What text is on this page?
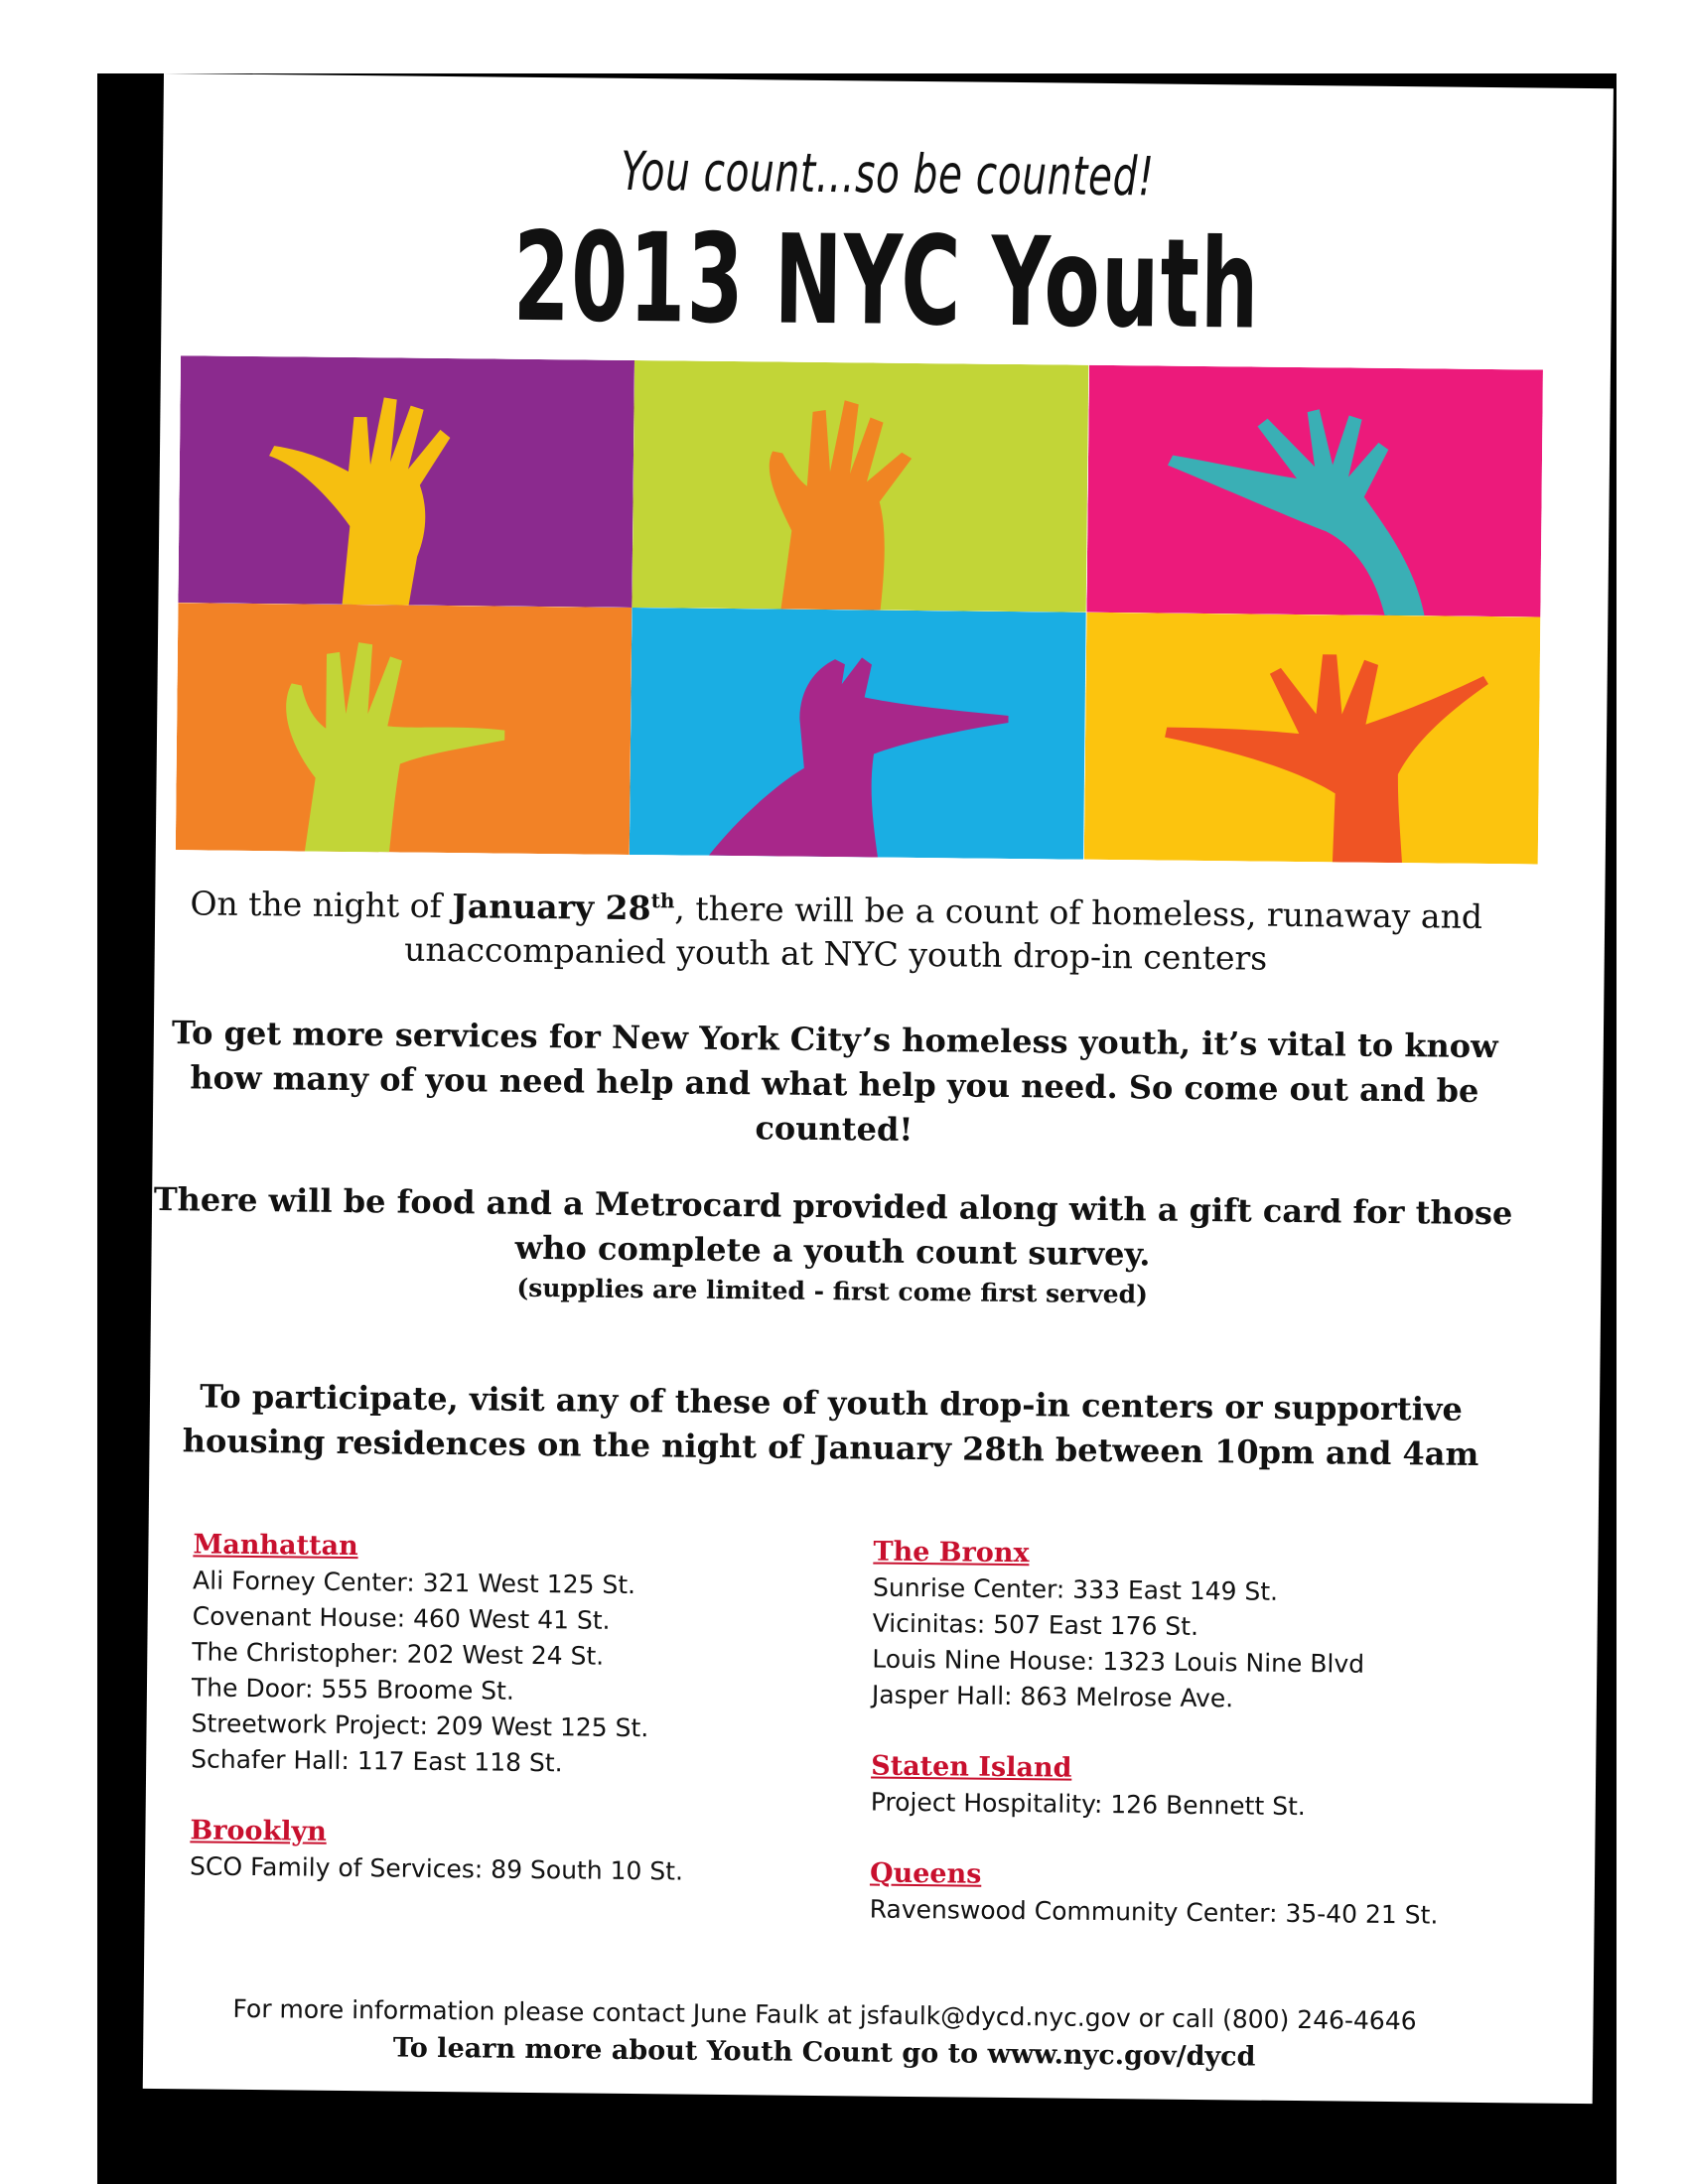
You count...so be counted!
2013 NYC Youth
On the night of January 28th, there will be a count of homeless, runaway and unaccompanied youth at NYC youth drop-in centers
To get more services for New York City’s homeless youth, it’s vital to know how many of you need help and what help you need. So come out and be counted!
There will be food and a Metrocard provided along with a gift card for those who complete a youth count survey.
(supplies are limited - first come first served)
To participate, visit any of these of youth drop-in centers or supportive housing residences on the night of January 28th between 10pm and 4am
Manhattan
Ali Forney Center: 321 West 125 St.
Covenant House: 460 West 41 St.
The Christopher: 202 West 24 St.
The Door: 555 Broome St.
Streetwork Project: 209 West 125 St.
Schafer Hall: 117 East 118 St.
Brooklyn
SCO Family of Services: 89 South 10 St.
The Bronx
Sunrise Center: 333 East 149 St.
Vicinitas: 507 East 176 St.
Louis Nine House: 1323 Louis Nine Blvd
Jasper Hall: 863 Melrose Ave.
Staten Island
Project Hospitality: 126 Bennett St.
Queens
Ravenswood Community Center: 35-40 21 St.
For more information please contact June Faulk at jsfaulk@dycd.nyc.gov or call (800) 246-4646
To learn more about Youth Count go to www.nyc.gov/dycd
